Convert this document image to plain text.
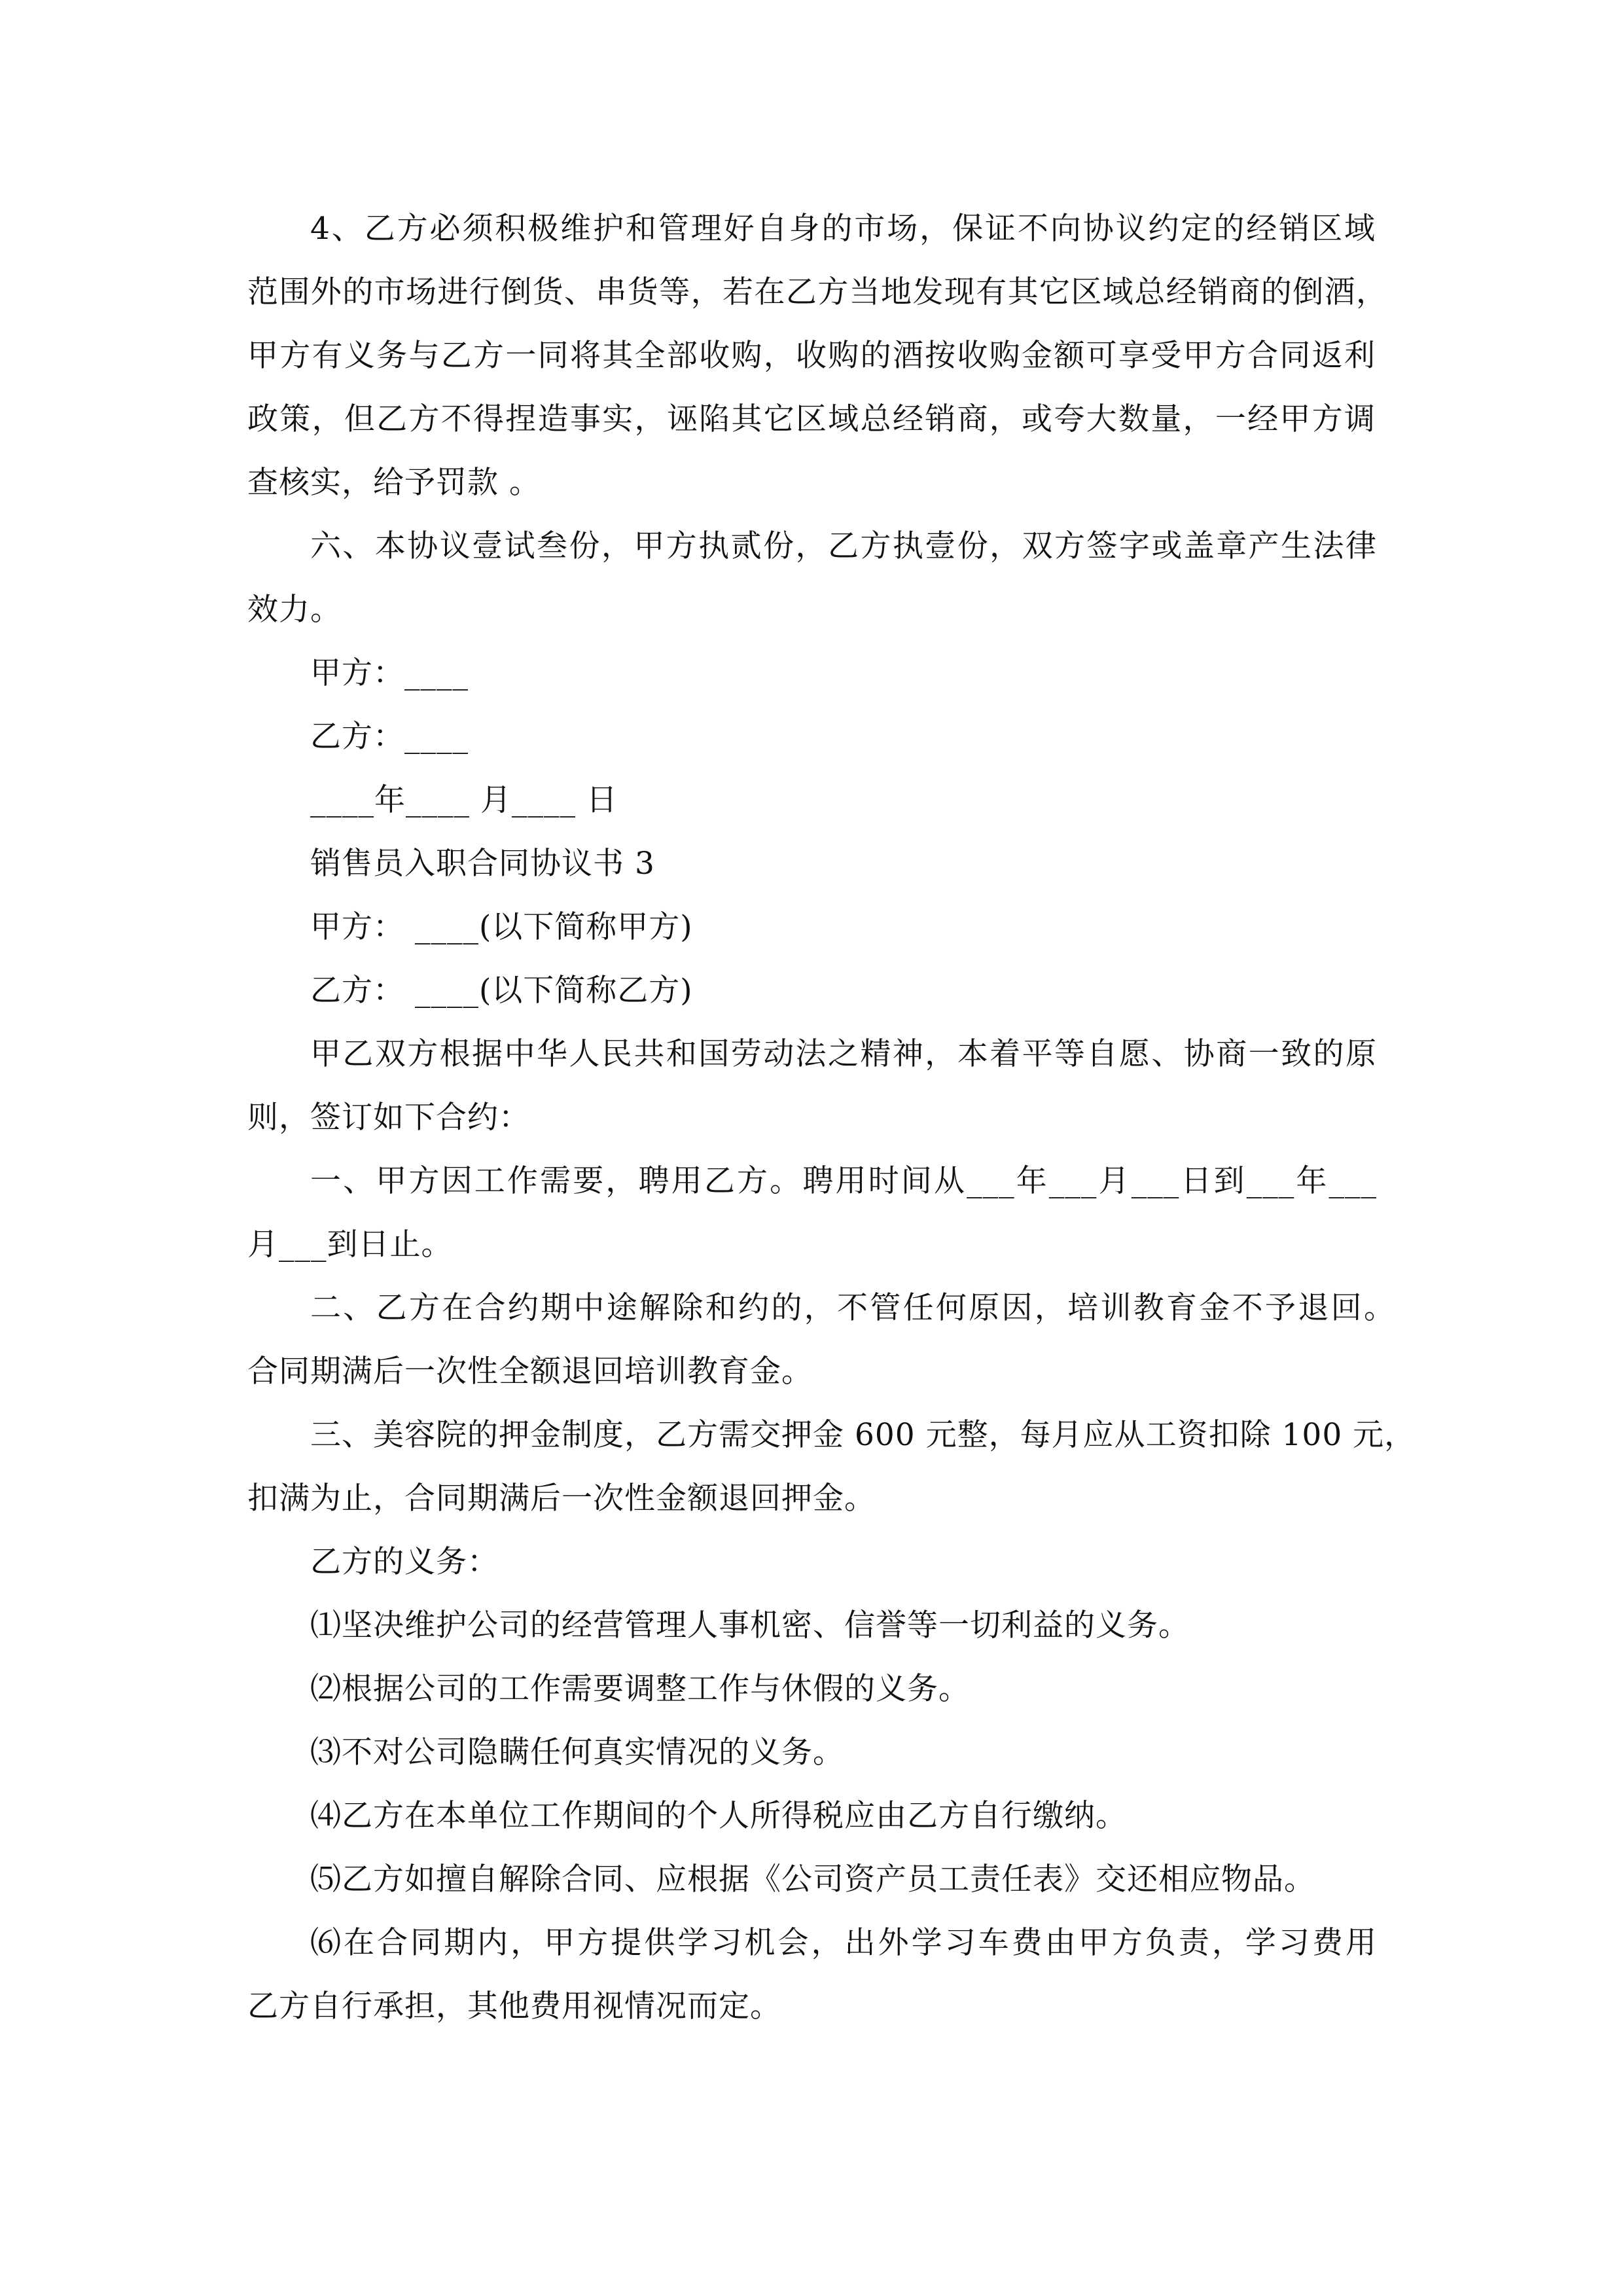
4、乙方必须积极维护和管理好自身的市场，保证不向协议约定的经销区域
范围外的市场进行倒货、串货等，若在乙方当地发现有其它区域总经销商的倒酒，
甲方有义务与乙方一同将其全部收购，收购的酒按收购金额可享受甲方合同返利
政策，但乙方不得捏造事实，诬陷其它区域总经销商，或夸大数量，一经甲方调
查核实，给予罚款 。
六、本协议壹试叁份，甲方执贰份，乙方执壹份，双方签字或盖章产生法律
效力。
甲方：____
乙方：____
____年____ 月____ 日
销售员入职合同协议书 3
甲方： ____(以下简称甲方)
乙方： ____(以下简称乙方)
甲乙双方根据中华人民共和国劳动法之精神，本着平等自愿、协商一致的原
则，签订如下合约：
一、甲方因工作需要，聘用乙方。聘用时间从___年___月___日到___年___
月___到日止。
二、乙方在合约期中途解除和约的，不管任何原因，培训教育金不予退回。
合同期满后一次性全额退回培训教育金。
三、美容院的押金制度，乙方需交押金 600 元整，每月应从工资扣除 100 元，
扣满为止，合同期满后一次性金额退回押金。
乙方的义务：
⑴坚决维护公司的经营管理人事机密、信誉等一切利益的义务。
⑵根据公司的工作需要调整工作与休假的义务。
⑶不对公司隐瞒任何真实情况的义务。
⑷乙方在本单位工作期间的个人所得税应由乙方自行缴纳。
⑸乙方如擅自解除合同、应根据《公司资产员工责任表》交还相应物品。
⑹在合同期内，甲方提供学习机会，出外学习车费由甲方负责，学习费用
乙方自行承担，其他费用视情况而定。
